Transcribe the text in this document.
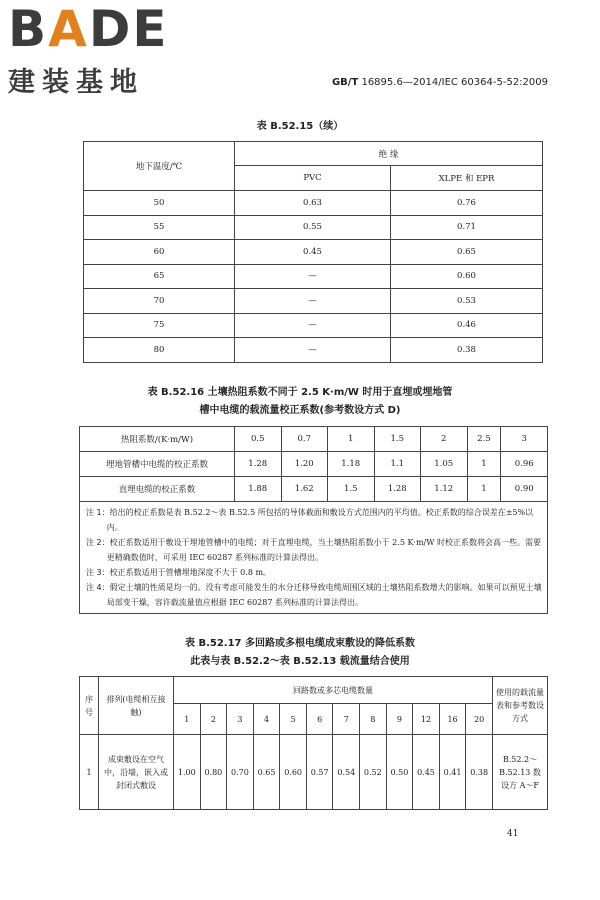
BADE
建装基地	GB/T 16895.6—2014/IEC 60364-5-52:2009
表 B.52.15（续）
地下温度/℃	绝 缘	
	PVC	XLPE 和 EPR
50	0.63	0.76
55	0.55	0.71
60	0.45	0.65
65	—	0.60
70	—	0.53
75	—	0.46
80	—	0.38
表 B.52.16 土壤热阻系数不同于 2.5 K·m/W 时用于直埋或埋地管
槽中电缆的载流量校正系数(参考数设方式 D)
热阻系数/(K·m/W)	0.5	0.7	1	1.5	2	2.5	3
埋地管槽中电缆的校正系数	1.28	1.20	1.18	1.1	1.05	1	0.96
直埋电缆的校正系数	1.88	1.62	1.5	1.28	1.12	1	0.90

注 1：给出的校正系数是表 B.52.2～表 B.52.5 所包括的导体截面和敷设方式范围内的平均值。校正系数的综合误差在±5%以内。
注 2：校正系数适用于敷设于埋地管槽中的电缆；对于直埋电缆，当土壤热阻系数小于 2.5 K·m/W 时校正系数将会高一些。需要更精确数值时，可采用 IEC 60287 系列标准的计算法得出。
注 3：校正系数适用于管槽埋地深度不大于 0.8 m。
注 4：假定土壤的性质是均一的。没有考虑可能发生的水分迁移导致电缆周围区域的土壤热阻系数增大的影响。如果可以预见土壤局部变干燥，容许载流量值应根据 IEC 60287 系列标准的计算法得出。							
表 B.52.17 多回路或多根电缆成束敷设的降低系数
此表与表 B.52.2～表 B.52.13 载流量结合使用
序号	排列(电缆相互接触)	回路数或多芯电缆数量												使用的载流量表和参考数设方式
		1	2	3	4	5	6	7	8	9	12	16	20	
1	成束敷设在空气中，沿墙，嵌入或封闭式敷设	1.00	0.80	0.70	0.65	0.60	0.57	0.54	0.52	0.50	0.45	0.41	0.38	B.52.2～B.52.13 数设方 A～F
41
